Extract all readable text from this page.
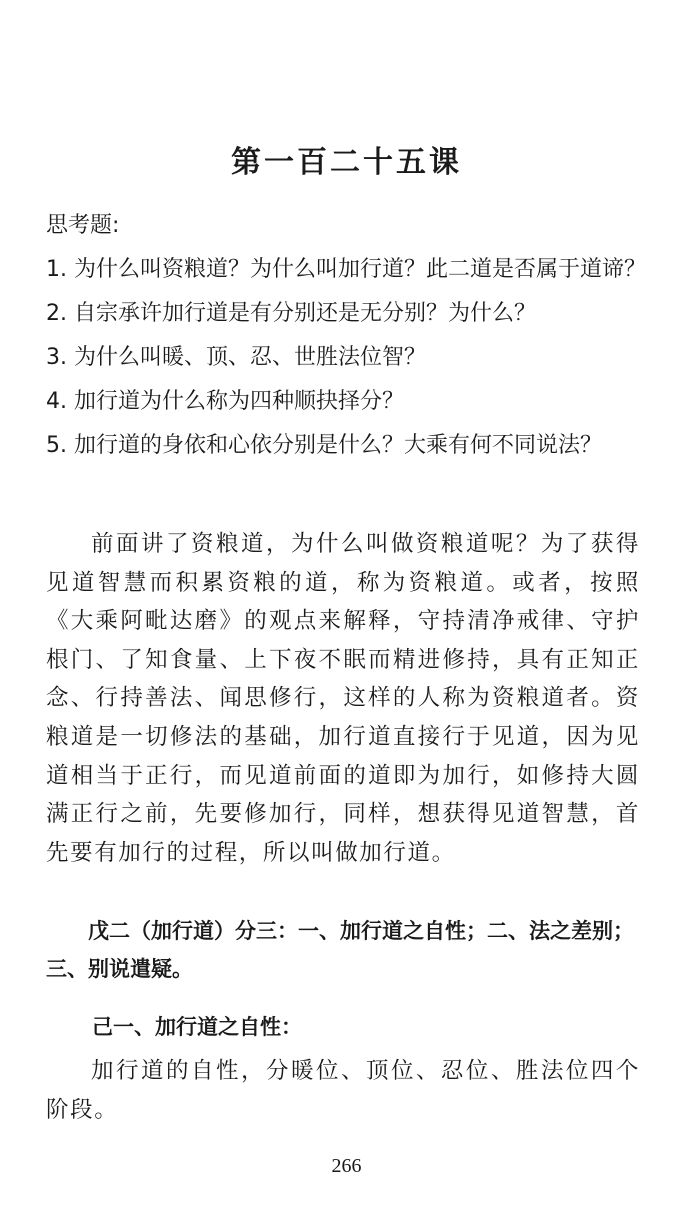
第一百二十五课
思考题:
1. 为什么叫资粮道？为什么叫加行道？此二道是否属于道谛？
2. 自宗承许加行道是有分别还是无分别？为什么？
3. 为什么叫暖、顶、忍、世胜法位智？
4. 加行道为什么称为四种顺抉择分？
5. 加行道的身依和心依分别是什么？大乘有何不同说法？
前面讲了资粮道，为什么叫做资粮道呢？为了获得见道智慧而积累资粮的道，称为资粮道。或者，按照《大乘阿毗达磨》的观点来解释，守持清净戒律、守护根门、了知食量、上下夜不眠而精进修持，具有正知正念、行持善法、闻思修行，这样的人称为资粮道者。资粮道是一切修法的基础，加行道直接行于见道，因为见道相当于正行，而见道前面的道即为加行，如修持大圆满正行之前，先要修加行，同样，想获得见道智慧，首先要有加行的过程，所以叫做加行道。
戊二（加行道）分三：一、加行道之自性；二、法之差别；三、别说遣疑。
己一、加行道之自性：
加行道的自性，分暖位、顶位、忍位、胜法位四个阶段。
266
